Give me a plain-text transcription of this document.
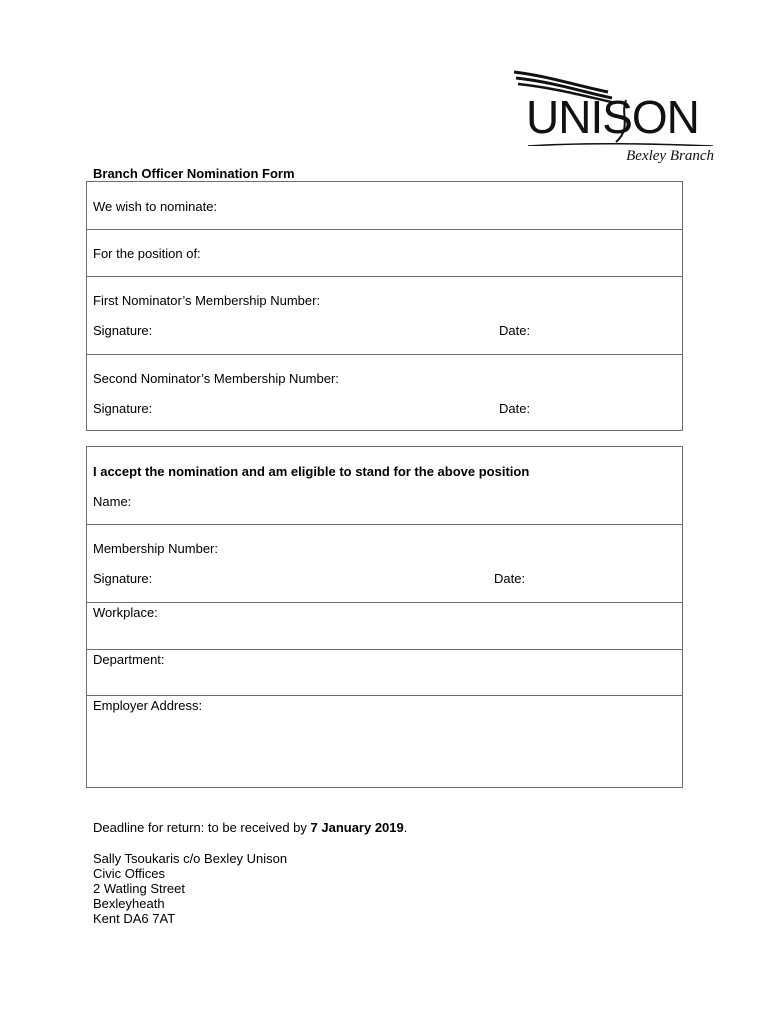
UNISON
Bexley Branch
Branch Officer Nomination Form
We wish to nominate:
For the position of:
First Nominator’s Membership Number:
Signature:	Date:
Second Nominator’s Membership Number:
Signature:	Date:
I accept the nomination and am eligible to stand for the above position
Name:
Membership Number:
Signature:	Date:
Workplace:
Department:
Employer Address:
Deadline for return: to be received by 7 January 2019.
Sally Tsoukaris c/o Bexley Unison
Civic Offices
2 Watling Street
Bexleyheath
Kent DA6 7AT
